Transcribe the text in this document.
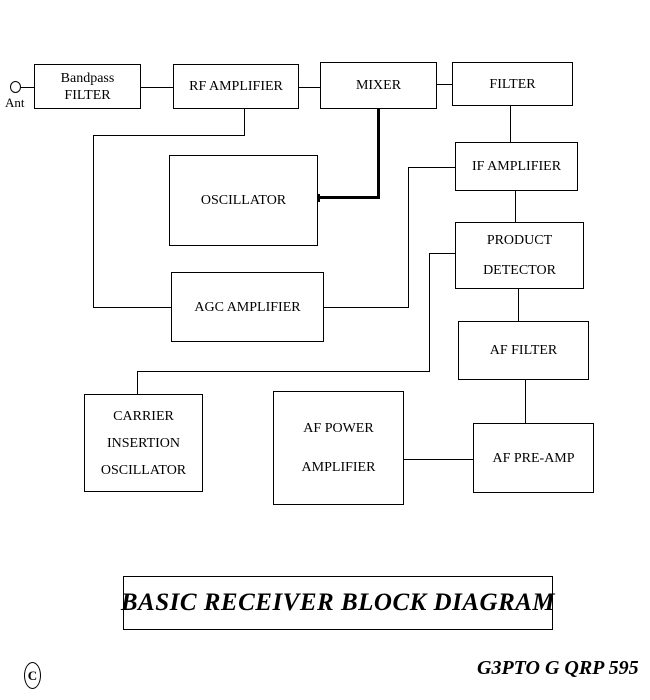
Ant
Bandpass
FILTER
RF AMPLIFIER	MIXER	FILTER
IF AMPLIFIER
OSCILLATOR
PRODUCT
DETECTOR
AGC AMPLIFIER
AF FILTER
CARRIER
INSERTION
OSCILLATOR
AF POWER
AMPLIFIER
AF PRE-AMP
BASIC RECEIVER BLOCK DIAGRAM
G3PTO G QRP 595
C
